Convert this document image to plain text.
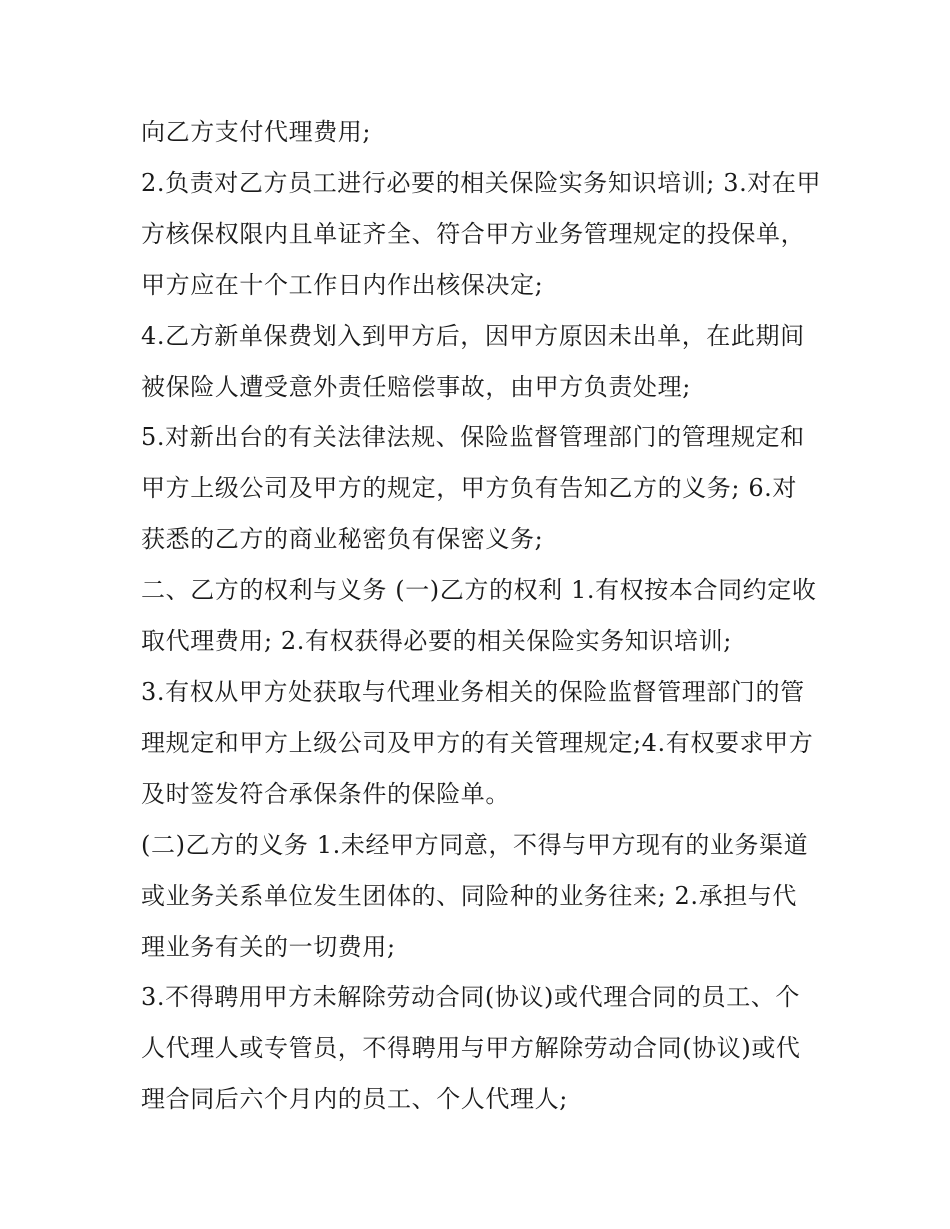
向乙方支付代理费用;

2.负责对乙方员工进行必要的相关保险实务知识培训; 3.对在甲

方核保权限内且单证齐全、符合甲方业务管理规定的投保单，

甲方应在十个工作日内作出核保决定;

4.乙方新单保费划入到甲方后，因甲方原因未出单，在此期间

被保险人遭受意外责任赔偿事故，由甲方负责处理;

5.对新出台的有关法律法规、保险监督管理部门的管理规定和

甲方上级公司及甲方的规定，甲方负有告知乙方的义务; 6.对

获悉的乙方的商业秘密负有保密义务;

二、乙方的权利与义务 (一)乙方的权利 1.有权按本合同约定收

取代理费用; 2.有权获得必要的相关保险实务知识培训;

3.有权从甲方处获取与代理业务相关的保险监督管理部门的管

理规定和甲方上级公司及甲方的有关管理规定;4.有权要求甲方

及时签发符合承保条件的保险单。

(二)乙方的义务 1.未经甲方同意，不得与甲方现有的业务渠道

或业务关系单位发生团体的、同险种的业务往来; 2.承担与代

理业务有关的一切费用;

3.不得聘用甲方未解除劳动合同(协议)或代理合同的员工、个

人代理人或专管员，不得聘用与甲方解除劳动合同(协议)或代

理合同后六个月内的员工、个人代理人;
